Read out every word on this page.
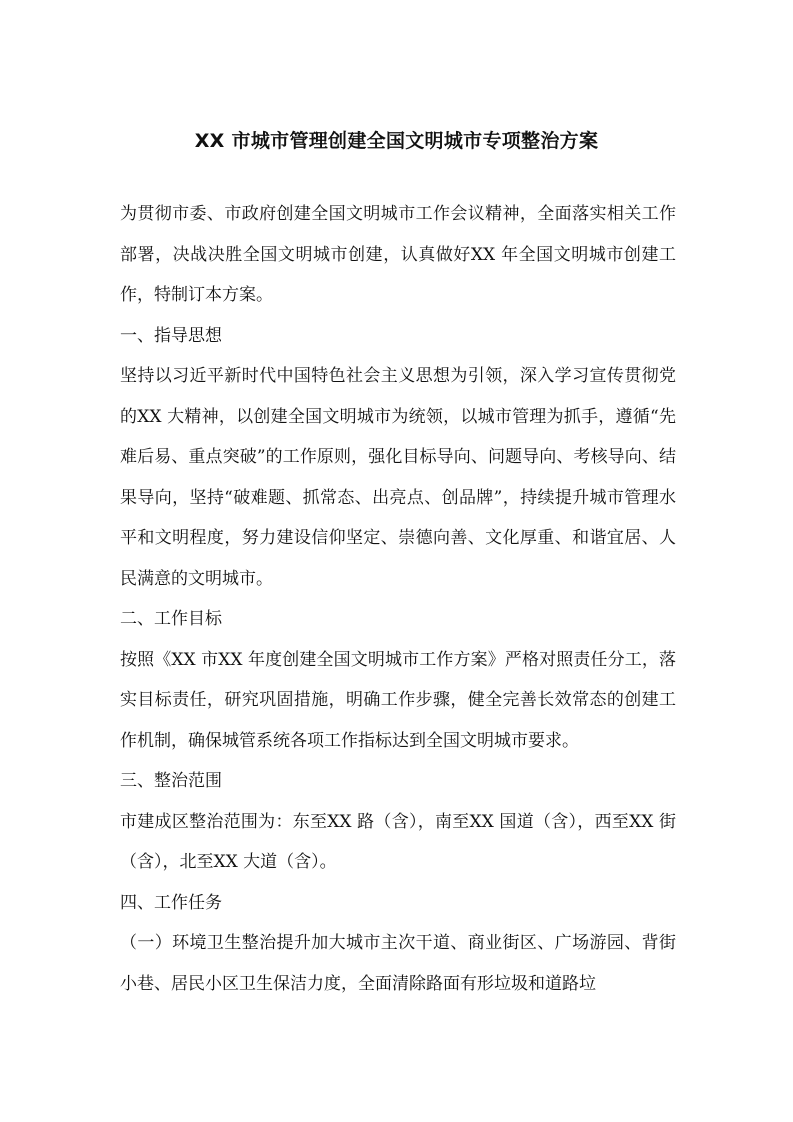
XX 市城市管理创建全国文明城市专项整治方案

为贯彻市委、市政府创建全国文明城市工作会议精神，全面落实相关工作部署，决战决胜全国文明城市创建，认真做好XX 年全国文明城市创建工作，特制订本方案。

一、指导思想

坚持以习近平新时代中国特色社会主义思想为引领，深入学习宣传贯彻党的XX 大精神，以创建全国文明城市为统领，以城市管理为抓手，遵循“先难后易、重点突破”的工作原则，强化目标导向、问题导向、考核导向、结果导向，坚持“破难题、抓常态、出亮点、创品牌”，持续提升城市管理水平和文明程度，努力建设信仰坚定、崇德向善、文化厚重、和谐宜居、人民满意的文明城市。

二、工作目标

按照《XX 市XX 年度创建全国文明城市工作方案》严格对照责任分工，落实目标责任，研究巩固措施，明确工作步骤，健全完善长效常态的创建工作机制，确保城管系统各项工作指标达到全国文明城市要求。

三、整治范围

市建成区整治范围为：东至XX 路（含），南至XX 国道（含），西至XX 街（含），北至XX 大道（含）。

四、工作任务

（一）环境卫生整治提升加大城市主次干道、商业街区、广场游园、背街小巷、居民小区卫生保洁力度，全面清除路面有形垃圾和道路垃
